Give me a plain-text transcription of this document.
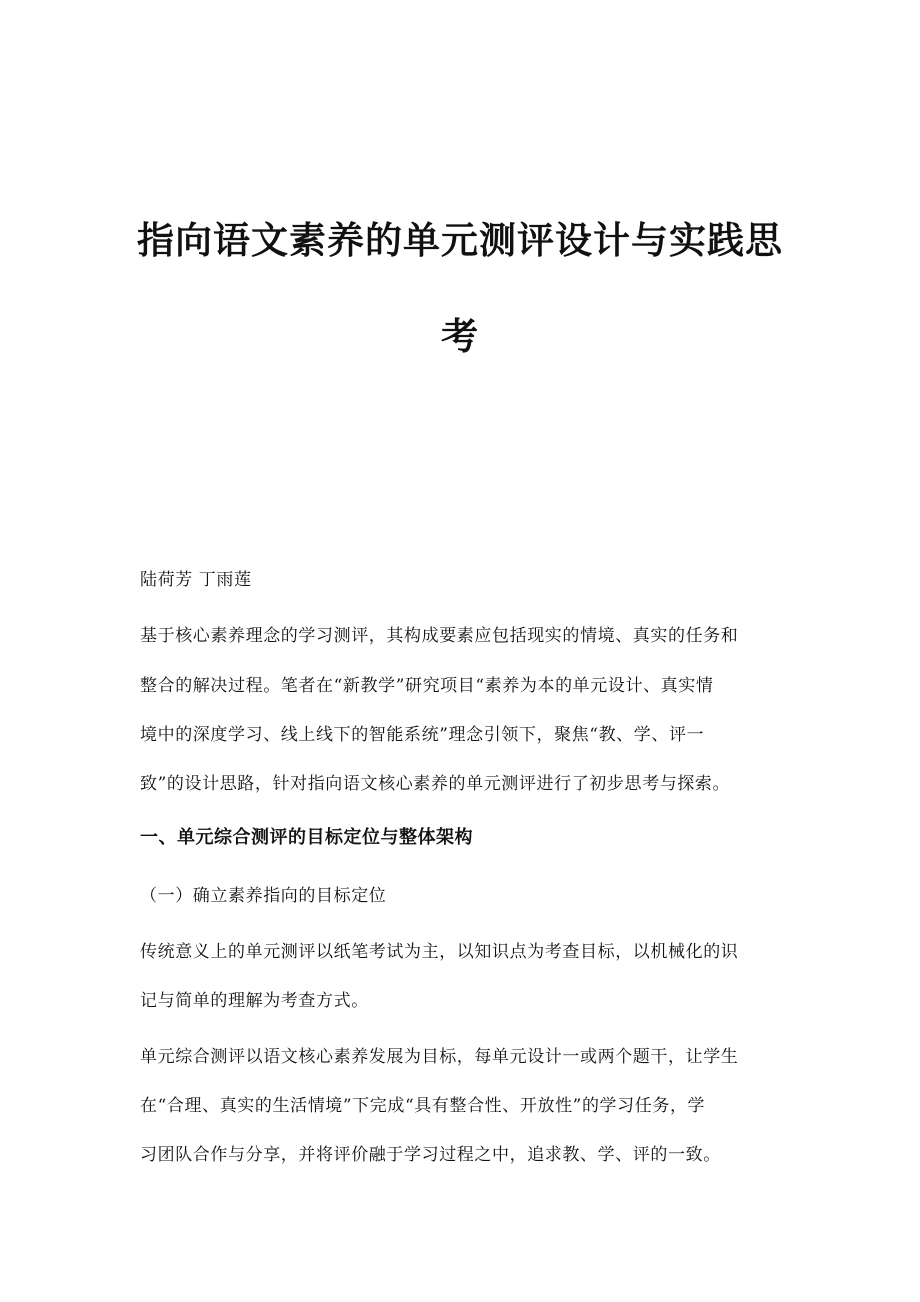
指向语文素养的单元测评设计与实践思
考

陆荷芳 丁雨莲

基于核心素养理念的学习测评，其构成要素应包括现实的情境、真实的任务和

整合的解决过程。笔者在“新教学”研究项目“素养为本的单元设计、真实情

境中的深度学习、线上线下的智能系统”理念引领下，聚焦“教、学、评一

致”的设计思路，针对指向语文核心素养的单元测评进行了初步思考与探索。

一、单元综合测评的目标定位与整体架构

（一）确立素养指向的目标定位

传统意义上的单元测评以纸笔考试为主，以知识点为考查目标，以机械化的识

记与简单的理解为考查方式。

单元综合测评以语文核心素养发展为目标，每单元设计一或两个题干，让学生

在“合理、真实的生活情境”下完成“具有整合性、开放性”的学习任务，学

习团队合作与分享，并将评价融于学习过程之中，追求教、学、评的一致。
